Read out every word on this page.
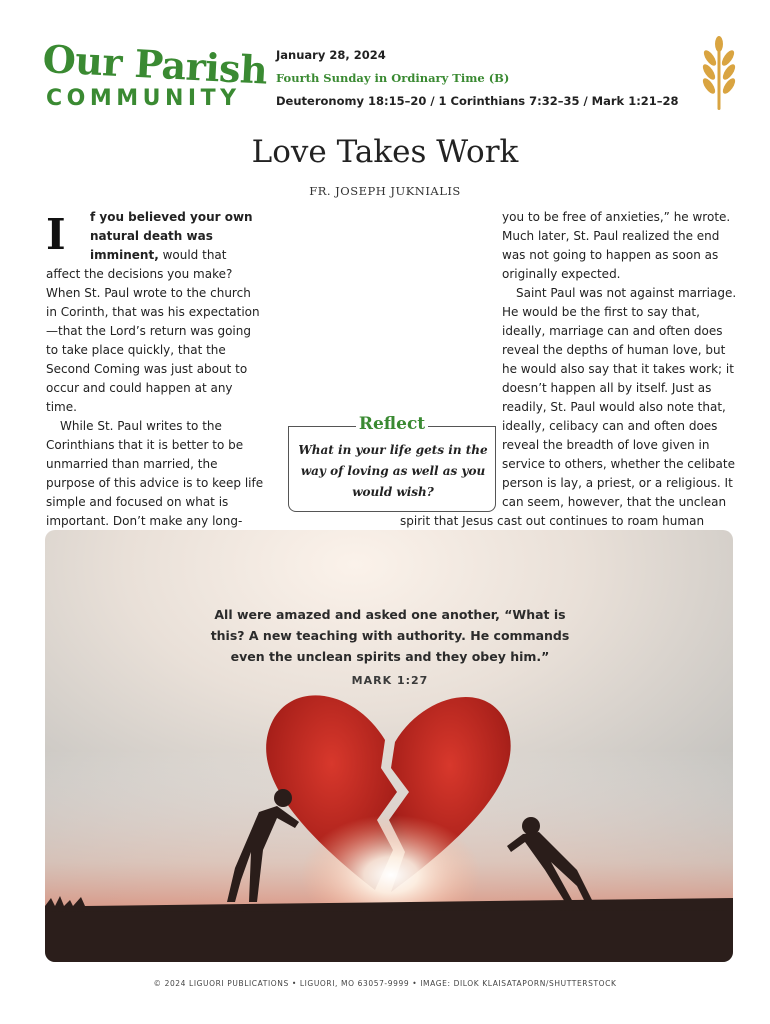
Our Parish
COMMUNITY
January 28, 2024
Fourth Sunday in Ordinary Time (B)
Deuteronomy 18:15–20 / 1 Corinthians 7:32–35 / Mark 1:21–28
Love Takes Work
FR. JOSEPH JUKNIALIS

I	f you believed your own natural death was imminent, would that affect the decisions you make? When St. Paul wrote to the church in Corinth, that was his expectation—that the Lord’s return was going to take place quickly, that the Second Coming was just about to occur and could happen at any time.

While St. Paul writes to the Corinthians that it is better to be unmarried than married, the purpose of this advice is to keep life simple and focused on what is important. Don’t make any long-

you to be free of anxieties,” he wrote. Much later, St. Paul realized the end was not going to happen as soon as originally expected.

Saint Paul was not against marriage. He would be the first to say that, ideally, marriage can and often does reveal the depths of human love, but he would also say that it takes work; it doesn’t happen all by itself. Just as readily, St. Paul would also note that, ideally, celibacy can and often does reveal the breadth of love given in service to others, whether the celibate person is lay, a priest, or a religious. It can seem, however, that the unclean spirit that Jesus cast out continues to roam human

Reflect
What in your life gets in the way of loving as well as you would wish?
All were amazed and asked one another, “What is this? A new teaching with authority. He commands even the unclean spirits and they obey him.”
MARK 1:27
© 2024 LIGUORI PUBLICATIONS • LIGUORI, MO 63057-9999 • IMAGE: DILOK KLAISATAPORN/SHUTTERSTOCK
